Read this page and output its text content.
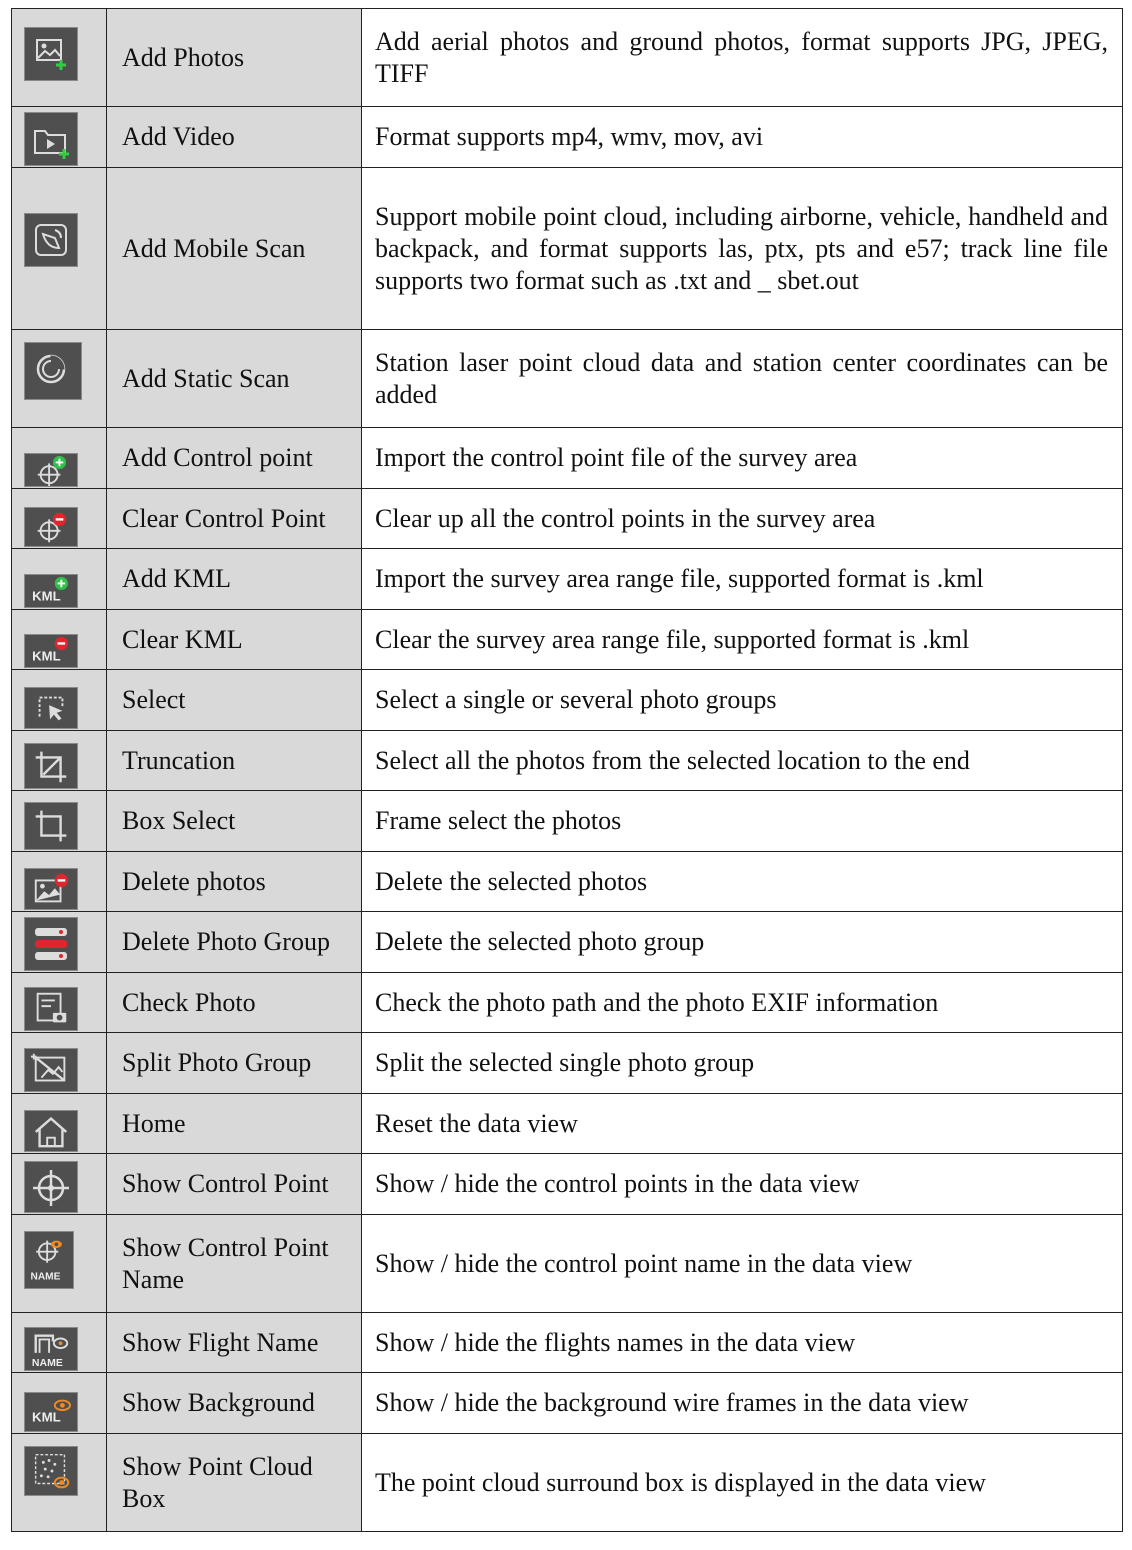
	Add Photos	Add aerial photos and ground photos, format supports JPG, JPEG, TIFF

	Add Video	Format supports mp4, wmv, mov, avi

	Add Mobile Scan	Support mobile point cloud, including airborne, vehicle, handheld and backpack, and format supports las, ptx, pts and e57; track line file supports two format such as .txt and _ sbet.out

	Add Static Scan	Station laser point cloud data and station center coordinates can be added

	Add Control point	Import the control point file of the survey area

	Clear Control Point	Clear up all the control points in the survey area

KML	Add KML	Import the survey area range file, supported format is .kml

KML	Clear KML	Clear the survey area range file, supported format is .kml

	Select	Select a single or several photo groups

	Truncation	Select all the photos from the selected location to the end

	Box Select	Frame select the photos

	Delete photos	Delete the selected photos

	Delete Photo Group	Delete the selected photo group

	Check Photo	Check the photo path and the photo EXIF information

	Split Photo Group	Split the selected single photo group

	Home	Reset the data view

	Show Control Point	Show / hide the control points in the data view

NAME	Show Control Point Name	Show / hide the control point name in the data view

NAME	Show Flight Name	Show / hide the flights names in the data view

KML	Show Background	Show / hide the background wire frames in the data view

	Show Point Cloud Box	The point cloud surround box is displayed in the data view
